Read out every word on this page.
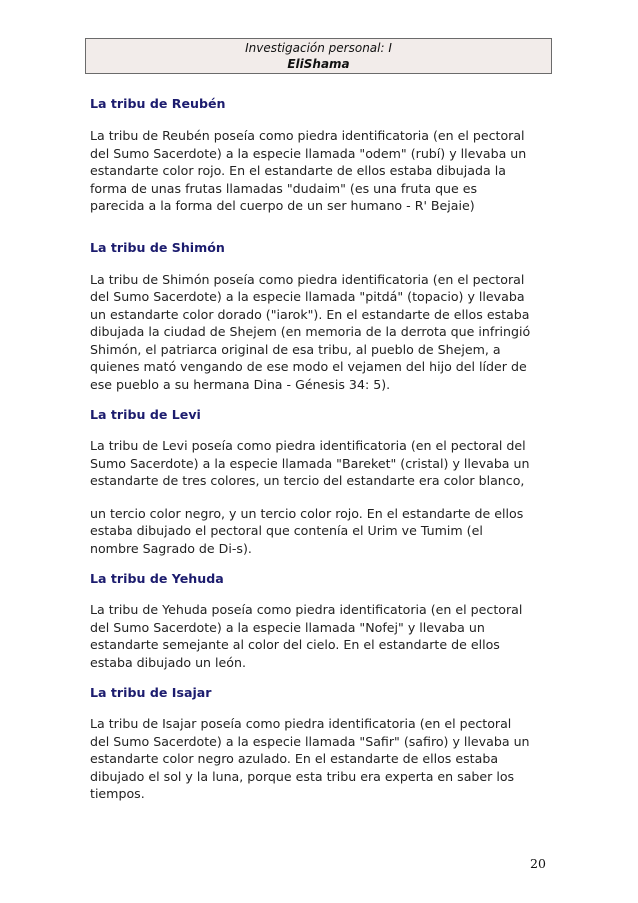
Investigación personal: I
EliShama

La tribu de Reubén

La tribu de Reubén poseía como piedra identificatoria (en el pectoral
del Sumo Sacerdote) a la especie llamada "odem" (rubí) y llevaba un
estandarte color rojo. En el estandarte de ellos estaba dibujada la
forma de unas frutas llamadas "dudaim" (es una fruta que es
parecida a la forma del cuerpo de un ser humano - R' Bejaie)

La tribu de Shimón

La tribu de Shimón poseía como piedra identificatoria (en el pectoral
del Sumo Sacerdote) a la especie llamada "pitdá" (topacio) y llevaba
un estandarte color dorado ("iarok"). En el estandarte de ellos estaba
dibujada la ciudad de Shejem (en memoria de la derrota que infringió
Shimón, el patriarca original de esa tribu, al pueblo de Shejem, a
quienes mató vengando de ese modo el vejamen del hijo del líder de
ese pueblo a su hermana Dina - Génesis 34: 5).

La tribu de Levi

La tribu de Levi poseía como piedra identificatoria (en el pectoral del
Sumo Sacerdote) a la especie llamada "Bareket" (cristal) y llevaba un
estandarte de tres colores, un tercio del estandarte era color blanco,

un tercio color negro, y un tercio color rojo. En el estandarte de ellos
estaba dibujado el pectoral que contenía el Urim ve Tumim (el
nombre Sagrado de Di-s).

La tribu de Yehuda

La tribu de Yehuda poseía como piedra identificatoria (en el pectoral
del Sumo Sacerdote) a la especie llamada "Nofej" y llevaba un
estandarte semejante al color del cielo. En el estandarte de ellos
estaba dibujado un león.

La tribu de Isajar

La tribu de Isajar poseía como piedra identificatoria (en el pectoral
del Sumo Sacerdote) a la especie llamada "Safir" (safiro) y llevaba un
estandarte color negro azulado. En el estandarte de ellos estaba
dibujado el sol y la luna, porque esta tribu era experta en saber los
tiempos.

20
